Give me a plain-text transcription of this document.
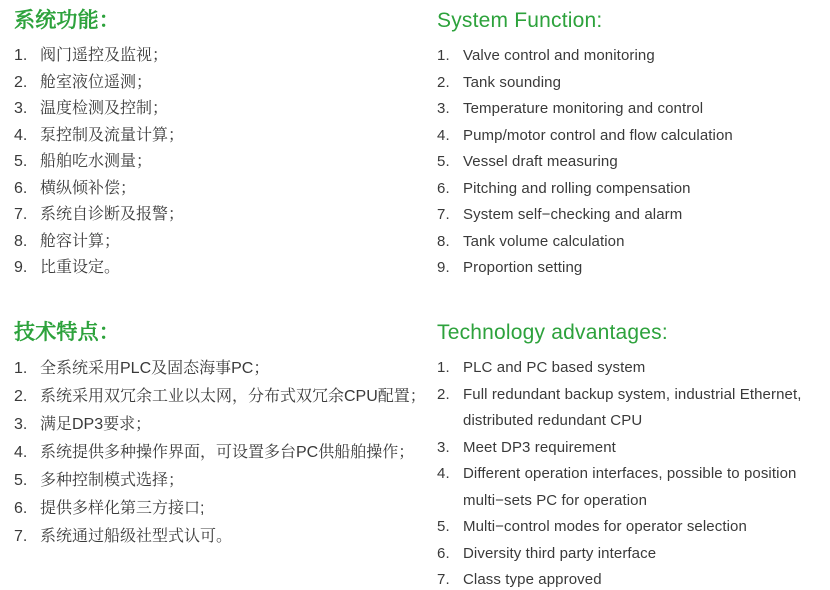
系统功能：
1. 阀门遥控及监视；
2. 舱室液位遥测；
3. 温度检测及控制；
4. 泵控制及流量计算；
5. 船舶吃水测量；
6. 横纵倾补偿；
7. 系统自诊断及报警；
8. 舱容计算；
9. 比重设定。
System Function:
1. Valve control and monitoring
2. Tank sounding
3. Temperature monitoring and control
4. Pump/motor control and flow calculation
5. Vessel draft measuring
6. Pitching and rolling compensation
7. System self−checking and alarm
8. Tank volume calculation
9. Proportion setting
技术特点：
1. 全系统采用PLC及固态海事PC；
2. 系统采用双冗余工业以太网，分布式双冗余CPU配置；
3. 满足DP3要求；
4. 系统提供多种操作界面，可设置多台PC供船舶操作；
5. 多种控制模式选择；
6. 提供多样化第三方接口;
7. 系统通过船级社型式认可。
Technology advantages:
1. PLC and PC based system
2. Full redundant backup system, industrial Ethernet, distributed redundant CPU
3. Meet DP3 requirement
4. Different operation interfaces, possible to position multi−sets PC for operation
5. Multi−control modes for operator selection
6. Diversity third party interface
7. Class type approved
